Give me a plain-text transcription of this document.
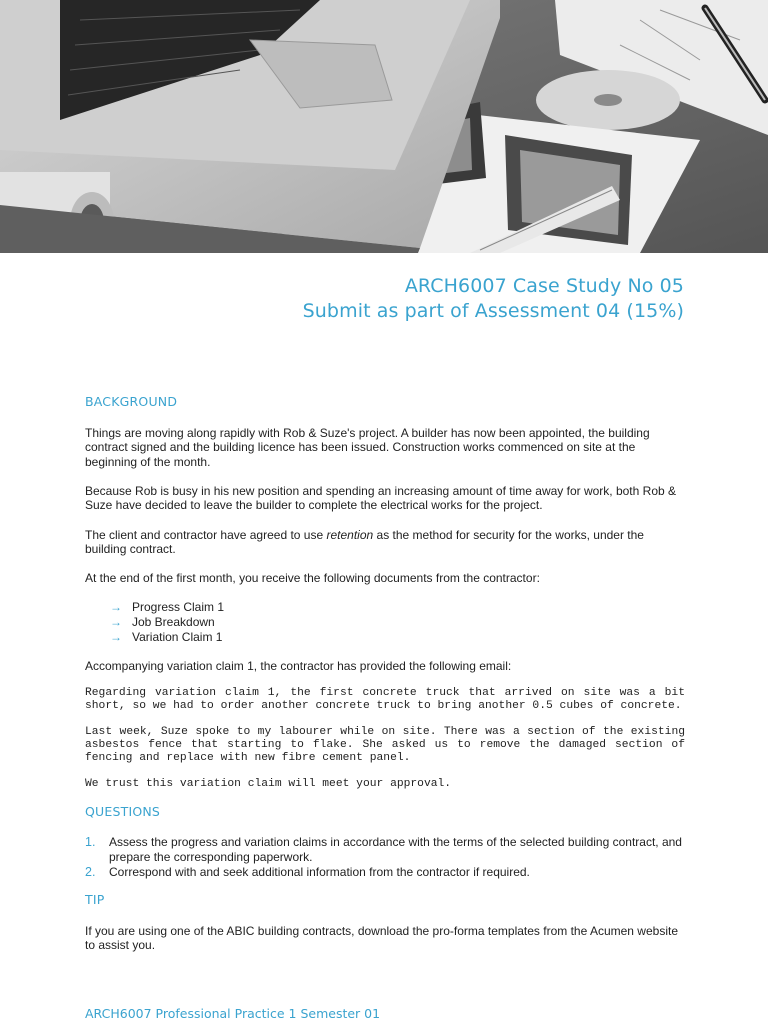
ARCH6007 Case Study No 05
Submit as part of Assessment 04 (15%)
BACKGROUND

Things are moving along rapidly with Rob & Suze's project. A builder has now been appointed, the building contract signed and the building licence has been issued. Construction works commenced on site at the beginning of the month.

Because Rob is busy in his new position and spending an increasing amount of time away for work, both Rob & Suze have decided to leave the builder to complete the electrical works for the project.

The client and contractor have agreed to use retention as the method for security for the works, under the building contract.

At the end of the first month, you receive the following documents from the contractor:

→ Progress Claim 1
→ Job Breakdown
→ Variation Claim 1

Accompanying variation claim 1, the contractor has provided the following email:

Regarding variation claim 1, the first concrete truck that arrived on site was a bit short, so we had to order another concrete truck to bring another 0.5 cubes of concrete.

Last week, Suze spoke to my labourer while on site. There was a section of the existing asbestos fence that starting to flake. She asked us to remove the damaged section of fencing and replace with new fibre cement panel.

We trust this variation claim will meet your approval.

QUESTIONS
1.	Assess the progress and variation claims in accordance with the terms of the selected building contract, and prepare the corresponding paperwork.
2.	Correspond with and seek additional information from the contractor if required.
TIP

If you are using one of the ABIC building contracts, download the pro-forma templates from the Acumen website to assist you.

ARCH6007 Professional Practice 1 Semester 01
